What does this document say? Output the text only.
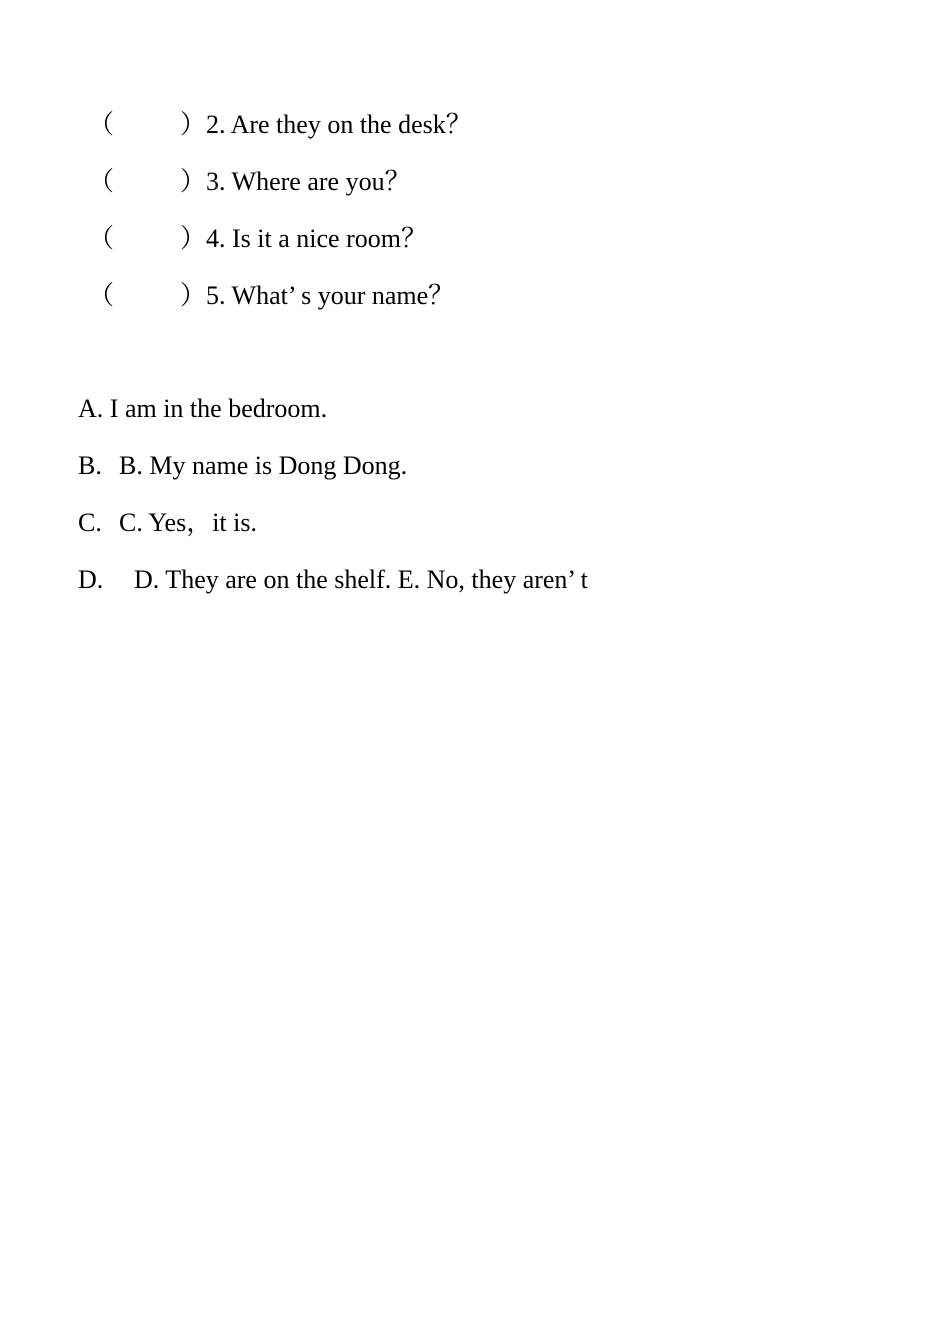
（	）2. Are they on the desk？
（	）3. Where are you？
（	）4. Is it a nice room？
（	）5. What’ s your name？
A. I am in the bedroom.
B. B. My name is Dong Dong.
C. C. Yes，it is.
D. D. They are on the shelf. E. No, they aren’ t
